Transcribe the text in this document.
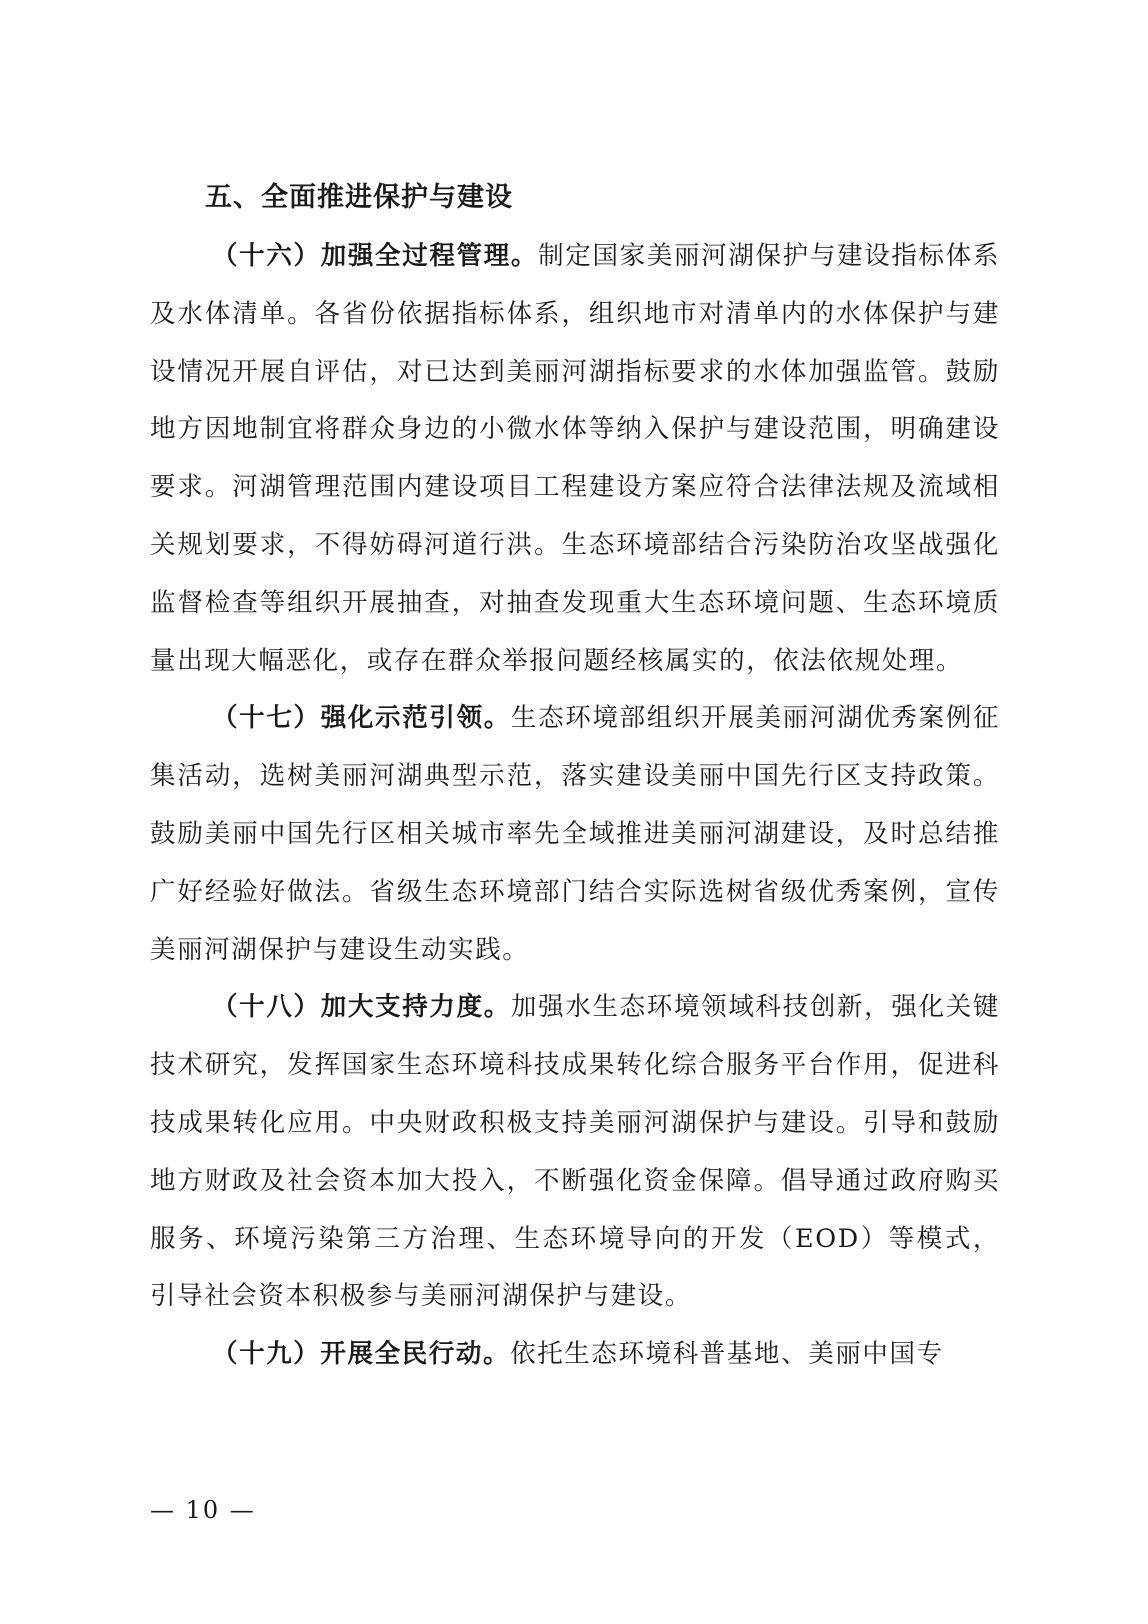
五、全面推进保护与建设

（十六）加强全过程管理。制定国家美丽河湖保护与建设指标体系及水体清单。各省份依据指标体系，组织地市对清单内的水体保护与建设情况开展自评估，对已达到美丽河湖指标要求的水体加强监管。鼓励地方因地制宜将群众身边的小微水体等纳入保护与建设范围，明确建设要求。河湖管理范围内建设项目工程建设方案应符合法律法规及流域相关规划要求，不得妨碍河道行洪。生态环境部结合污染防治攻坚战强化监督检查等组织开展抽查，对抽查发现重大生态环境问题、生态环境质量出现大幅恶化，或存在群众举报问题经核属实的，依法依规处理。

（十七）强化示范引领。生态环境部组织开展美丽河湖优秀案例征集活动，选树美丽河湖典型示范，落实建设美丽中国先行区支持政策。鼓励美丽中国先行区相关城市率先全域推进美丽河湖建设，及时总结推广好经验好做法。省级生态环境部门结合实际选树省级优秀案例，宣传美丽河湖保护与建设生动实践。

（十八）加大支持力度。加强水生态环境领域科技创新，强化关键技术研究，发挥国家生态环境科技成果转化综合服务平台作用，促进科技成果转化应用。中央财政积极支持美丽河湖保护与建设。引导和鼓励地方财政及社会资本加大投入，不断强化资金保障。倡导通过政府购买服务、环境污染第三方治理、生态环境导向的开发（EOD）等模式，引导社会资本积极参与美丽河湖保护与建设。

（十九）开展全民行动。依托生态环境科普基地、美丽中国专

— 10 —
